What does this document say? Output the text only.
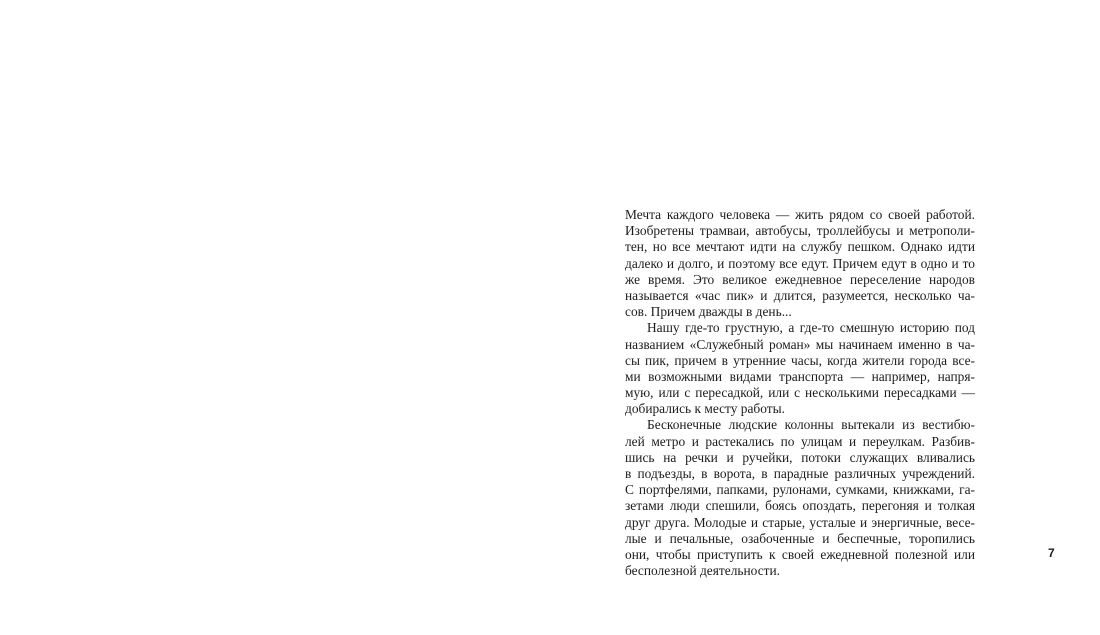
Мечта каждого человека — жить рядом со своей работой.
Изобретены трамваи, автобусы, троллейбусы и метрополи-
тен, но все мечтают идти на службу пешком. Однако идти
далеко и долго, и поэтому все едут. Причем едут в одно и то
же время. Это великое ежедневное переселение народов
называется «час пик» и длится, разумеется, несколько ча-
сов. Причем дважды в день...
Нашу где-то грустную, а где-то смешную историю под
названием «Служебный роман» мы начинаем именно в ча-
сы пик, причем в утренние часы, когда жители города все-
ми возможными видами транспорта — например, напря-
мую, или с пересадкой, или с несколькими пересадками —
добирались к месту работы.
Бесконечные людские колонны вытекали из вестибю-
лей метро и растекались по улицам и переулкам. Разбив-
шись на речки и ручейки, потоки служащих вливались
в подъезды, в ворота, в парадные различных учреждений.
С портфелями, папками, рулонами, сумками, книжками, га-
зетами люди спешили, боясь опоздать, перегоняя и толкая
друг друга. Молодые и старые, усталые и энергичные, весе-
лые и печальные, озабоченные и беспечные, торопились
они, чтобы приступить к своей ежедневной полезной или
бесполезной деятельности.
7
